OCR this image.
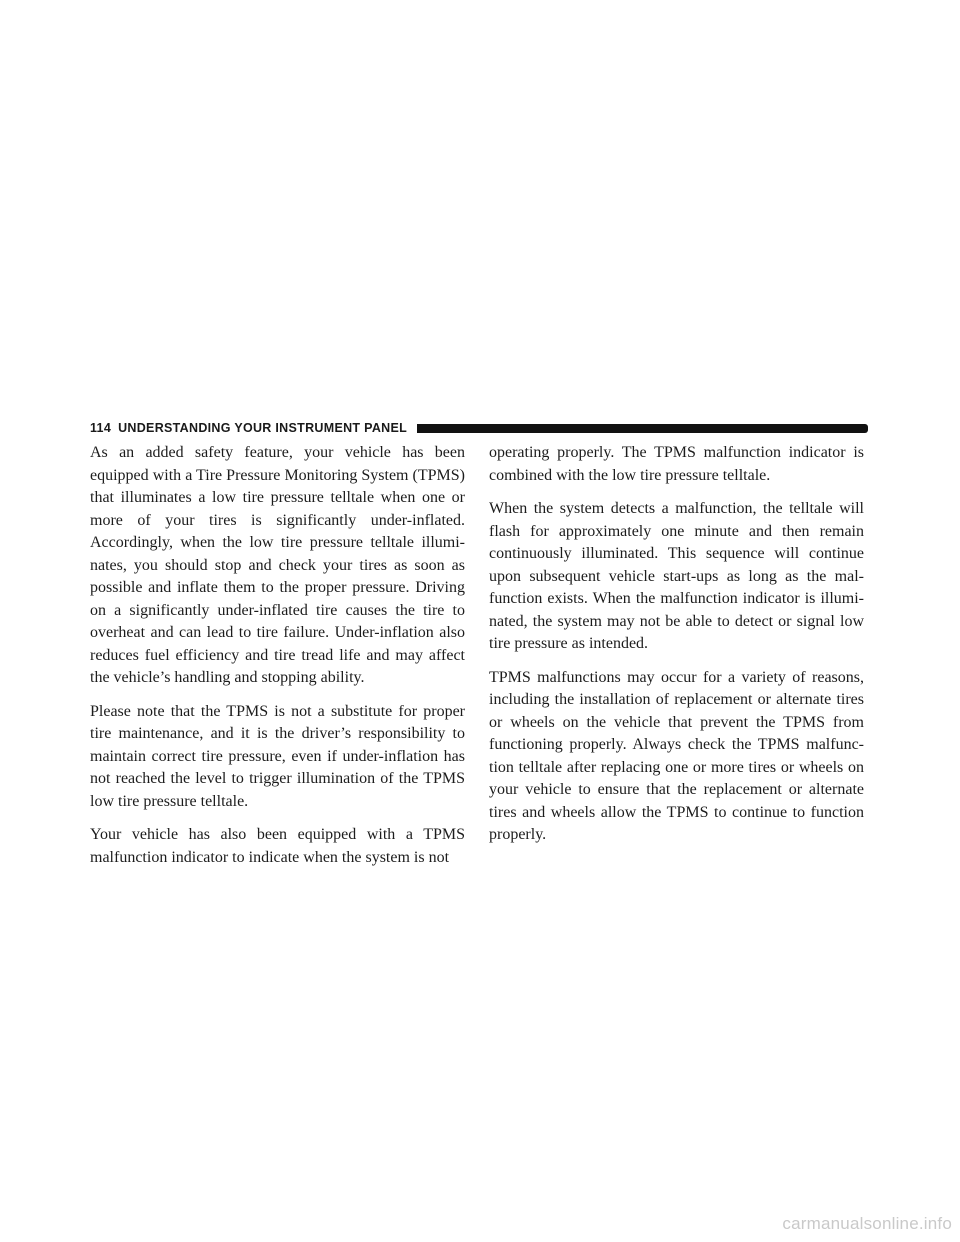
114 UNDERSTANDING YOUR INSTRUMENT PANEL

As an added safety feature, your vehicle has been equipped with a Tire Pressure Monitoring System (TPMS) that illuminates a low tire pressure telltale when one or more of your tires is significantly under-inflated. Accordingly, when the low tire pressure telltale illuminates, you should stop and check your tires as soon as possible and inflate them to the proper pressure. Driving on a significantly under-inflated tire causes the tire to overheat and can lead to tire failure. Under-inflation also reduces fuel efficiency and tire tread life and may affect the vehicle’s handling and stopping ability.

Please note that the TPMS is not a substitute for proper tire maintenance, and it is the driver’s responsibility to maintain correct tire pressure, even if under-inflation has not reached the level to trigger illumination of the TPMS low tire pressure telltale.

Your vehicle has also been equipped with a TPMS malfunction indicator to indicate when the system is not

operating properly. The TPMS malfunction indicator is combined with the low tire pressure telltale.

When the system detects a malfunction, the telltale will flash for approximately one minute and then remain continuously illuminated. This sequence will continue upon subsequent vehicle start-ups as long as the malfunction exists. When the malfunction indicator is illuminated, the system may not be able to detect or signal low tire pressure as intended.

TPMS malfunctions may occur for a variety of reasons, including the installation of replacement or alternate tires or wheels on the vehicle that prevent the TPMS from functioning properly. Always check the TPMS malfunction telltale after replacing one or more tires or wheels on your vehicle to ensure that the replacement or alternate tires and wheels allow the TPMS to continue to function properly.

carmanualsonline.info
